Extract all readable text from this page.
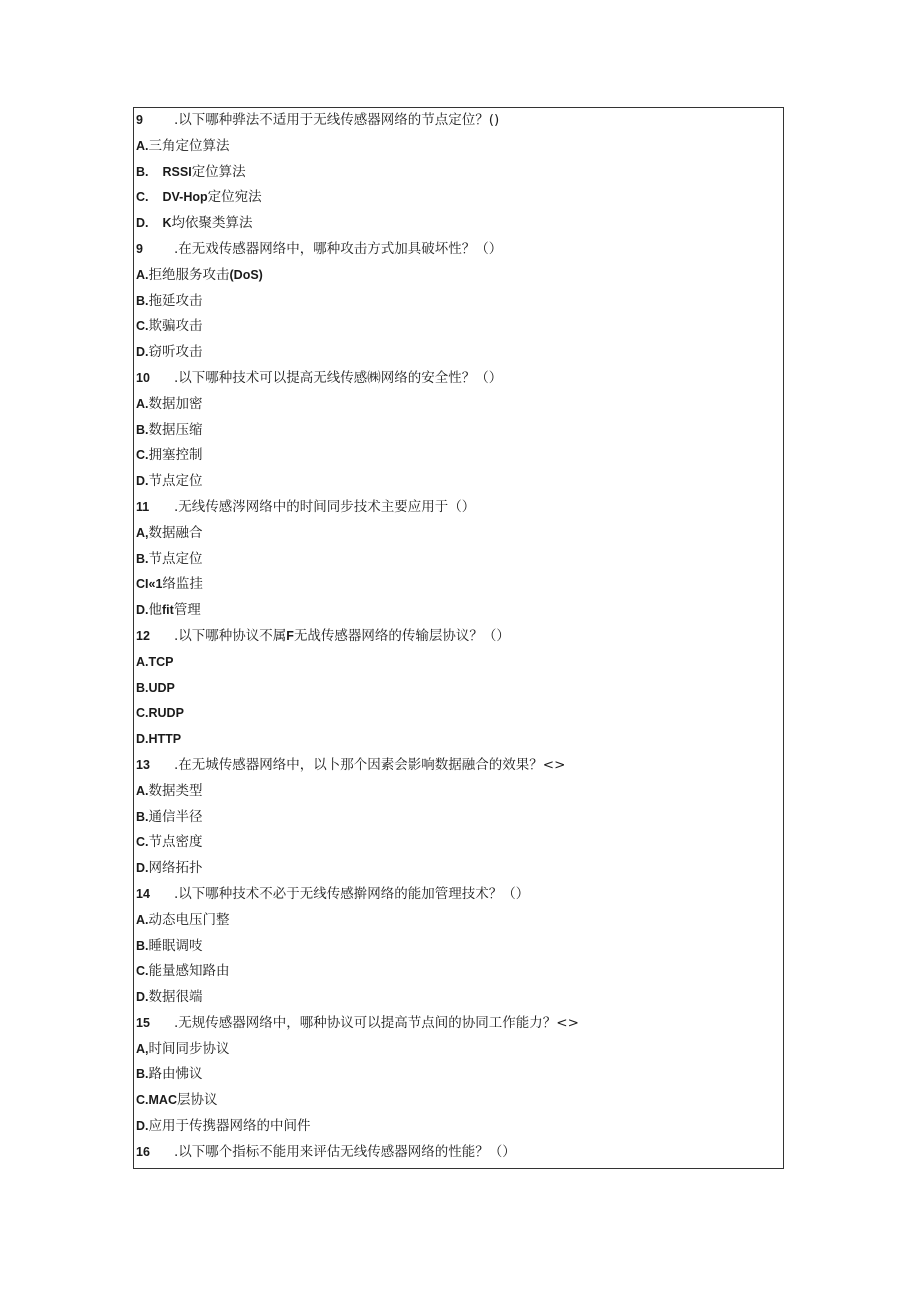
9 .以下哪种骅法不适用于无线传感器网络的节点定位？()
A.三角定位算法
B. RSSI定位算法
C. DV-Hop定位宛法
D. K均依聚类算法
9 .在无戏传感器网络中，哪种攻击方式加具破坏性？（）
A.拒绝服务攻击(DoS)
B.拖延攻击
C.欺骗攻击
D.窃听攻击
10 .以下哪种技术可以提高无线传感㈱网络的安全性？（）
A.数据加密
B.数据压缩
C.拥塞控制
D.节点定位
11 .无线传感涔网络中的时间同步技术主要应用于（）
A,数据融合
B.节点定位
CI«1络监挂
D.他fit管理
12 .以下哪种协议不属F无战传感器网络的传输层协议？（）
A.TCP
B.UDP
C.RUDP
D.HTTP
13 .在无城传感器网络中，以卜那个因素会影响数据融合的效果？<>
A.数据类型
B.通信半径
C.节点密度
D.网络拓扑
14 .以下哪种技术不必于无线传感擀网络的能加管理技术？（）
A.动态电压门整
B.睡眠调吱
C.能量感知路由
D.数据很端
15 .无规传感器网络中，哪种协议可以提高节点间的协同工作能力？<>
A,时间同步协议
B.路由怫议
C.MAC层协议
D.应用于传携器网络的中间件
16 .以下哪个指标不能用来评估无线传感器网络的性能？（）
